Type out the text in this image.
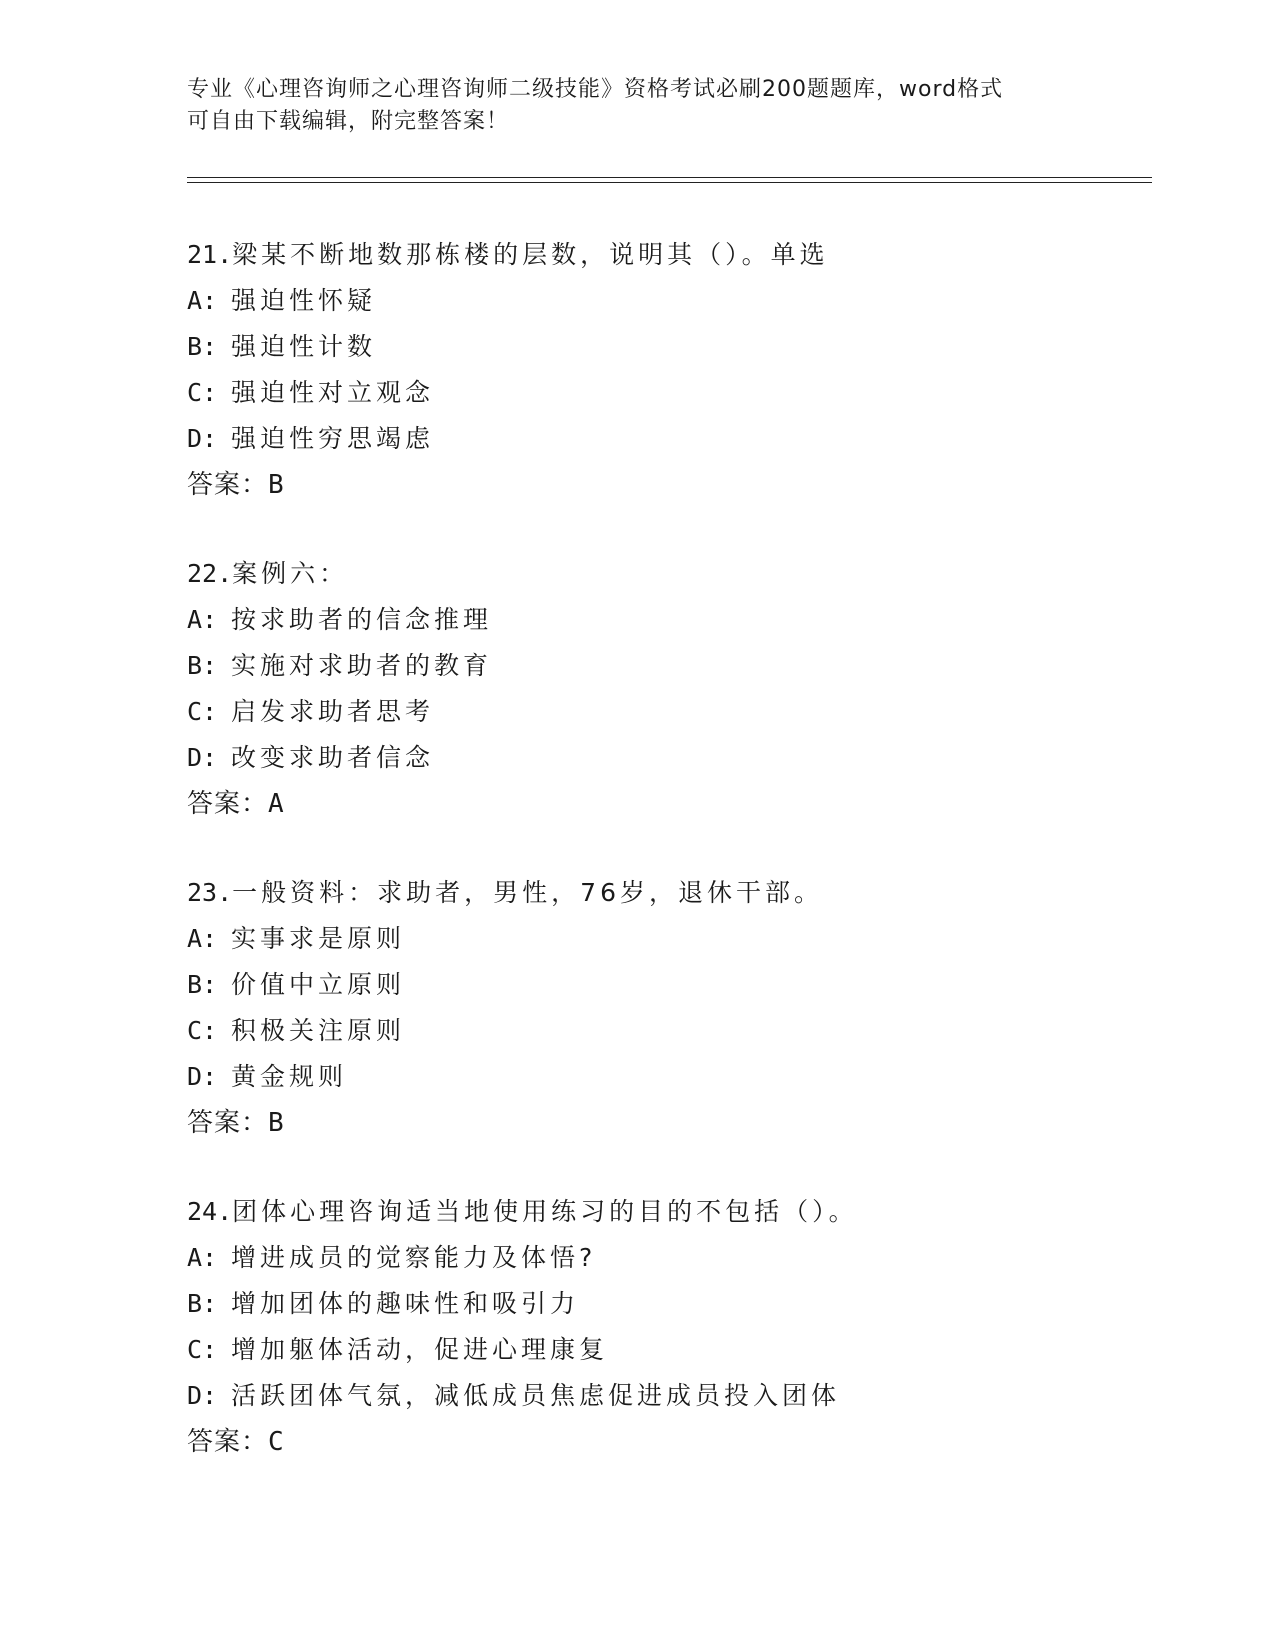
专业《心理咨询师之心理咨询师二级技能》资格考试必刷200题题库，word格式
可自由下载编辑，附完整答案！
21.梁某不断地数那栋楼的层数，说明其（）。单选
A: 强迫性怀疑
B: 强迫性计数
C: 强迫性对立观念
D: 强迫性穷思竭虑
答案：B
22.案例六：
A: 按求助者的信念推理
B: 实施对求助者的教育
C: 启发求助者思考
D: 改变求助者信念
答案：A
23.一般资料：求助者，男性，76岁，退休干部。
A: 实事求是原则
B: 价值中立原则
C: 积极关注原则
D: 黄金规则
答案：B
24.团体心理咨询适当地使用练习的目的不包括（）。
A: 增进成员的觉察能力及体悟?
B: 增加团体的趣味性和吸引力
C: 增加躯体活动，促进心理康复
D: 活跃团体气氛，减低成员焦虑促进成员投入团体
答案：C
